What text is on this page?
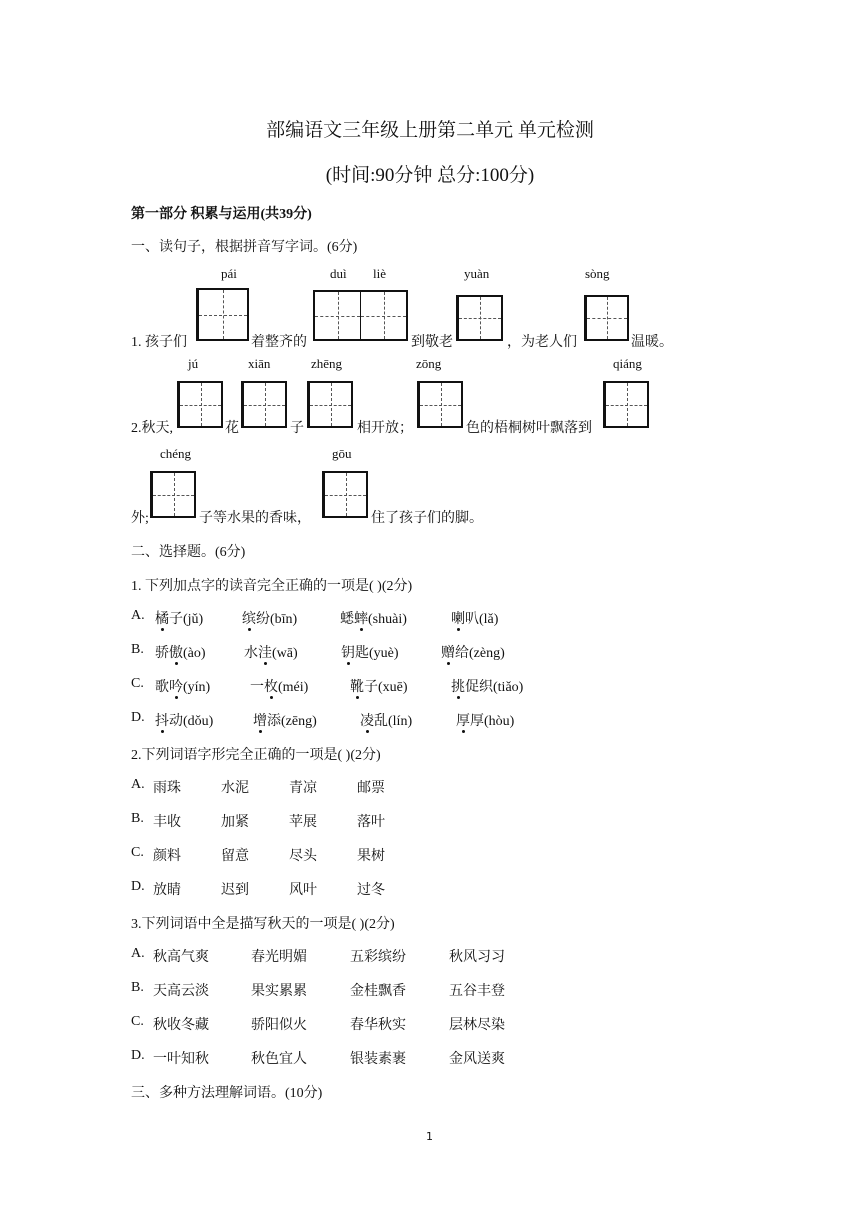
部编语文三年级上册第二单元 单元检测
(时间:90分钟 总分:100分)
第一部分 积累与运用(共39分)
一、读句子，根据拼音写字词。(6分)
pái	duì liè	yuàn	sòng
1. 孩子们	着整齐的	到敬老	，为老人们	温暖。
jú	xiān	zhēng	zōng	qiáng
2.秋天,	花	子	相开放；	色的梧桐树叶飘落到
chéng	gōu
外;	子等水果的香味，	住了孩子们的脚。
二、选择题。(6分)
1. 下列加点字的读音完全正确的一项是( )(2分)
A. 橘子(jǔ)	缤纷(bīn)	蟋蟀(shuài)	喇叭(lǎ)
B. 骄傲(ào)	水洼(wā)	钥匙(yuè)	赠给(zèng)
C. 歌吟(yín)	一枚(méi)	靴子(xuē)	挑促织(tiǎo)
D. 抖动(dǒu)	增添(zēng)	凌乱(lín)	厚厚(hòu)
2.下列词语字形完全正确的一项是( )(2分)
A. 雨珠	水泥	青凉	邮票
B. 丰收	加紧	苹展	落叶
C. 颜料	留意	尽头	果树
D. 放睛	迟到	风叶	过冬
3.下列词语中全是描写秋天的一项是( )(2分)
A. 秋高气爽	春光明媚	五彩缤纷	秋风习习
B. 天高云淡	果实累累	金桂飘香	五谷丰登
C. 秋收冬藏	骄阳似火	春华秋实	层林尽染
D. 一叶知秋	秋色宜人	银装素裹	金风送爽
三、多种方法理解词语。(10分)
1
